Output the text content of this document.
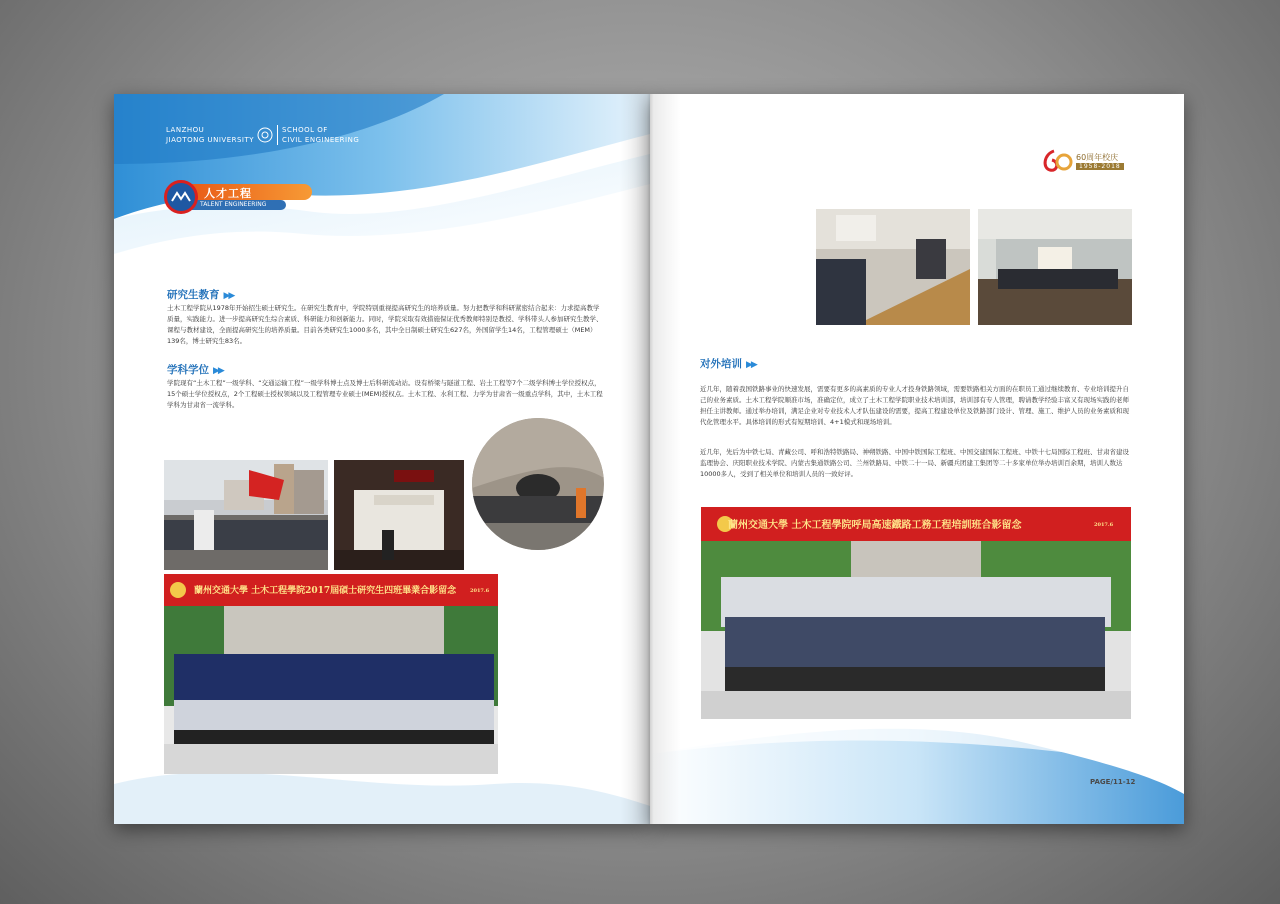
LANZHOU
JIAOTONG UNIVERSITY
SCHOOL OF
CIVIL ENGINEERING
人才工程
TALENT ENGINEERING
研究生教育 ▶▶
土木工程学院从1978年开始招生硕士研究生。在研究生教育中，学院特别重视提高研究生的培养质量。努力把教学和科研紧密结合起来：力求提高教学质量，实践能力。进一步提高研究生综合素质、科研能力和创新能力。同时，学院采取有效措施保证优秀教师特别是教授、学科带头人参加研究生教学、课程与教材建设，全面提高研究生的培养质量。目前各类研究生1000多名，其中全日制硕士研究生627名，外国留学生14名，工程管理硕士（MEM）139名，博士研究生83名。
学科学位 ▶▶
学院现有“土木工程”一级学科、“交通运输工程”一级学科博士点及博士后科研流动站。设有桥梁与隧道工程、岩土工程等7个二级学科博士学位授权点，15个硕士学位授权点，2个工程硕士授权领域以及工程管理专业硕士(MEM)授权点。土木工程、水利工程、力学为甘肃省一级重点学科，其中，土木工程学科为甘肃省一流学科。
蘭州交通大學 土木工程學院2017屆碩士研究生四班畢業合影留念	2017.6
60周年校庆
1958-2018
对外培训 ▶▶
近几年，随着我国铁路事业的快速发展，需要有更多的高素质的专业人才投身铁路领域，需要铁路相关方面的在职员工通过继续教育、专业培训提升自己的业务素质。土木工程学院顺准市场，准确定位，成立了土木工程学院职业技术培训部，培训部有专人管理，聘请教学经验丰富又有现场实践的老师担任主讲教师。通过举办培训，满足企业对专业技术人才队伍建设的需要，提高工程建设单位及铁路部门设计、管理、施工、维护人员的业务素质和现代化管理水平。具体培训的形式有短期培训、4+1模式和现场培训。
近几年，先后为中铁七局、青藏公司、呼和浩特铁路局、神朔铁路、中国中铁国际工程班、中国交建国际工程班、中铁十七局国际工程班、甘肃省建设监理协会、庆阳职业技术学院、内蒙古集通铁路公司、兰州铁路局、中铁二十一局、新疆兵团建工集团等二十多家单位举办培训百余期，培训人数达10000多人，受到了相关单位和培训人员的一致好评。
蘭州交通大學 土木工程學院呼局高速鐵路工務工程培訓班合影留念	2017.6
PAGE/11-12
